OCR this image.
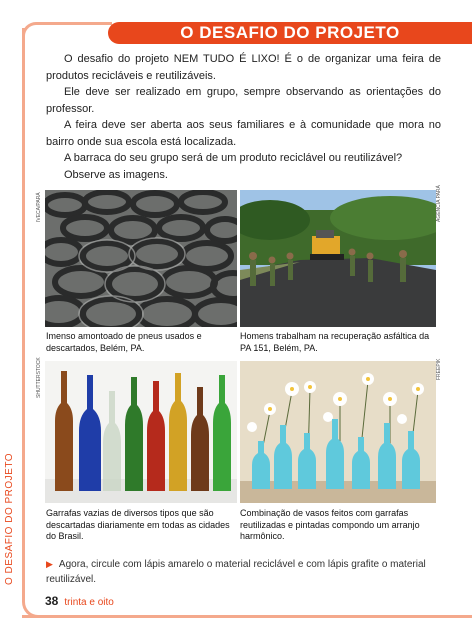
O DESAFIO DO PROJETO
O DESAFIO DO PROJETO

O desafio do projeto NEM TUDO É LIXO! É o de organizar uma feira de produtos recicláveis e reutilizáveis.

Ele deve ser realizado em grupo, sempre observando as orientações do professor.

A feira deve ser aberta aos seus familiares e à comunidade que mora no bairro onde sua escola está localizada.

A barraca do seu grupo será de um produto reciclável ou reutilizável?

Observe as imagens.

IVECA/PARÁ
Imenso amontoado de pneus usados e descartados, Belém, PA.
AGÊNCIA PARÁ
Homens trabalham na recuperação asfáltica da PA 151, Belém, PA.
SHUTTERSTOCK
Garrafas vazias de diversos tipos que são descartadas diariamente em todas as cidades do Brasil.
FREEPIK
Combinação de vasos feitos com garrafas reutilizadas e pintadas compondo um arranjo harmônico.
▶ Agora, circule com lápis amarelo o material reciclável e com lápis grafite o material reutilizável.
38 trinta e oito
